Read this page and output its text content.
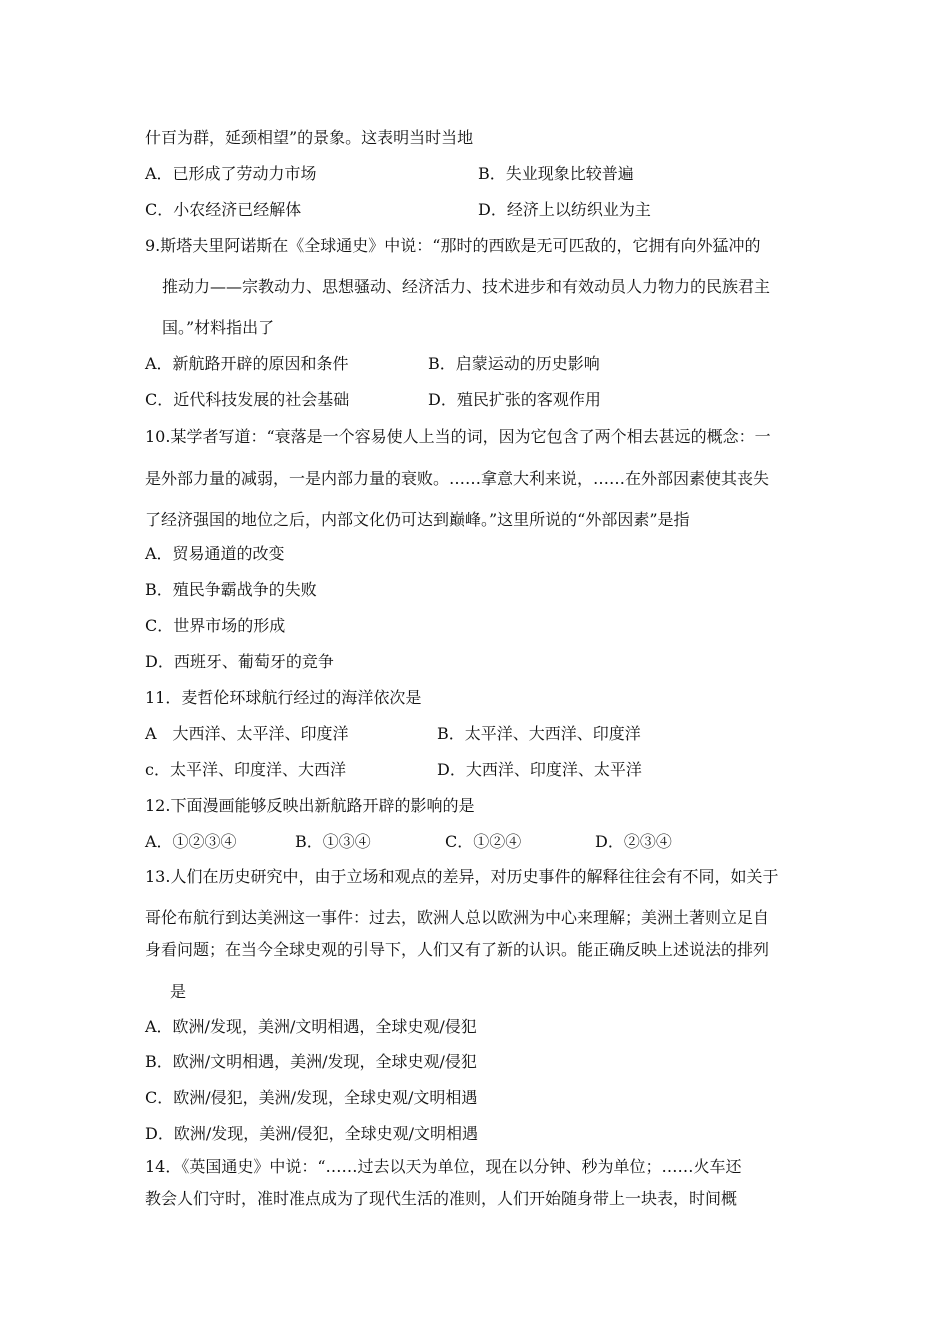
什百为群，延颈相望”的景象。这表明当时当地
A．已形成了劳动力市场	B．失业现象比较普遍
C．小农经济已经解体	D．经济上以纺织业为主
9.斯塔夫里阿诺斯在《全球通史》中说：“那时的西欧是无可匹敌的，它拥有向外猛冲的
推动力——宗教动力、思想骚动、经济活力、技术进步和有效动员人力物力的民族君主
国。”材料指出了
A．新航路开辟的原因和条件	B．启蒙运动的历史影响
C．近代科技发展的社会基础	D．殖民扩张的客观作用
10.某学者写道：“衰落是一个容易使人上当的词，因为它包含了两个相去甚远的概念：一
是外部力量的减弱，一是内部力量的衰败。……拿意大利来说，……在外部因素使其丧失
了经济强国的地位之后，内部文化仍可达到巅峰。”这里所说的“外部因素”是指
A．贸易通道的改变
B．殖民争霸战争的失败
C．世界市场的形成
D．西班牙、葡萄牙的竞争
11．麦哲伦环球航行经过的海洋依次是
A　大西洋、太平洋、印度洋	B．太平洋、大西洋、印度洋
c．太平洋、印度洋、大西洋	D．大西洋、印度洋、太平洋
12.下面漫画能够反映出新航路开辟的影响的是
A．①②③④	B．①③④	C．①②④	D．②③④
13.人们在历史研究中，由于立场和观点的差异，对历史事件的解释往往会有不同，如关于
哥伦布航行到达美洲这一事件：过去，欧洲人总以欧洲为中心来理解；美洲土著则立足自
身看问题；在当今全球史观的引导下，人们又有了新的认识。能正确反映上述说法的排列
是
A．欧洲/发现，美洲/文明相遇，全球史观/侵犯
B．欧洲/文明相遇，美洲/发现，全球史观/侵犯
C．欧洲/侵犯，美洲/发现，全球史观/文明相遇
D．欧洲/发现，美洲/侵犯，全球史观/文明相遇
14．《英国通史》中说：“……过去以天为单位，现在以分钟、秒为单位；……火车还
教会人们守时，准时准点成为了现代生活的准则，人们开始随身带上一块表，时间概
